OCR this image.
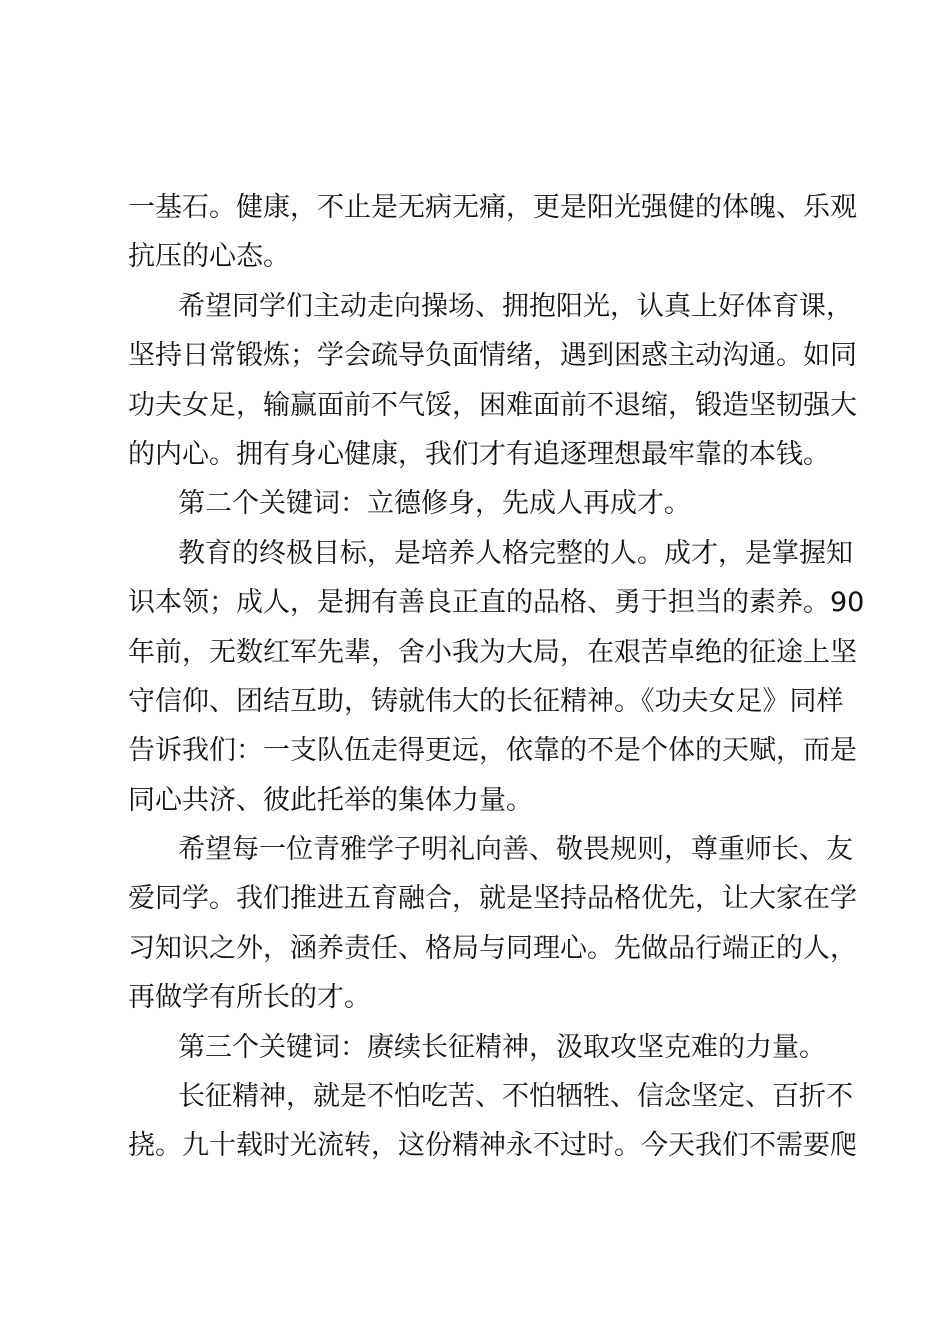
一基石。健康，不止是无病无痛，更是阳光强健的体魄、乐观
抗压的心态。
希望同学们主动走向操场、拥抱阳光，认真上好体育课，
坚持日常锻炼；学会疏导负面情绪，遇到困惑主动沟通。如同
功夫女足，输赢面前不气馁，困难面前不退缩，锻造坚韧强大
的内心。拥有身心健康，我们才有追逐理想最牢靠的本钱。
第二个关键词：立德修身，先成人再成才。
教育的终极目标，是培养人格完整的人。成才，是掌握知
识本领；成人，是拥有善良正直的品格、勇于担当的素养。90
年前，无数红军先辈，舍小我为大局，在艰苦卓绝的征途上坚
守信仰、团结互助，铸就伟大的长征精神。《功夫女足》同样
告诉我们：一支队伍走得更远，依靠的不是个体的天赋，而是
同心共济、彼此托举的集体力量。
希望每一位青雅学子明礼向善、敬畏规则，尊重师长、友
爱同学。我们推进五育融合，就是坚持品格优先，让大家在学
习知识之外，涵养责任、格局与同理心。先做品行端正的人，
再做学有所长的才。
第三个关键词：赓续长征精神，汲取攻坚克难的力量。
长征精神，就是不怕吃苦、不怕牺牲、信念坚定、百折不
挠。九十载时光流转，这份精神永不过时。今天我们不需要爬
